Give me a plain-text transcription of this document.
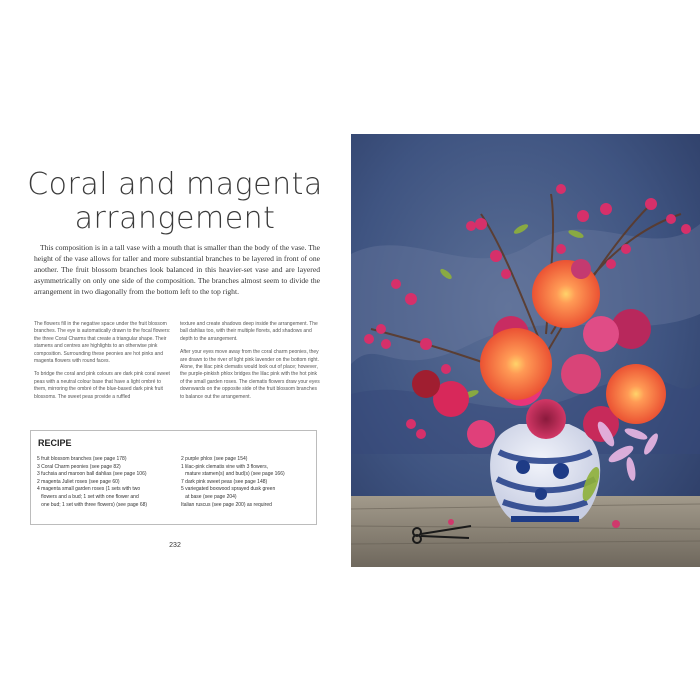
Coral and magenta
arrangement
This composition is in a tall vase with a mouth that is smaller than the body of the vase. The height of the vase allows for taller and more substantial branches to be layered in front of one another. The fruit blossom branches look balanced in this heavier-set vase and are layered asymmetrically on only one side of the composition. The branches almost seem to divide the arrangement in two diagonally from the bottom left to the top right.

The flowers fill in the negative space under the fruit blossom branches. The eye is automatically drawn to the focal flowers: the three Coral Charms that create a triangular shape. Their stamens and centres are highlights to an otherwise pink composition. Surrounding these peonies are hot pinks and magenta flowers with round faces.

To bridge the coral and pink colours are dark pink coral sweet peas with a neutral colour base that have a light ombré to them, mirroring the ombré of the blue-based dark pink fruit blossoms. The sweet peas provide a ruffled

texture and create shadows deep inside the arrangement. The ball dahlias too, with their multiple florets, add shadows and depth to the arrangement.

After your eyes move away from the coral charm peonies, they are drawn to the river of light pink lavender on the bottom right. Alone, the lilac pink clematis would look out of place; however, the purple-pinkish phlox bridges the lilac pink with the hot pink of the small garden roses. The clematis flowers draw your eyes downwards on the opposite side of the fruit blossom branches to balance out the arrangement.

RECIPE
5 fruit blossom branches (see page 178)
3 Coral Charm peonies (see page 82)
3 fuchsia and maroon ball dahlias (see page 106)
2 magenta Juliet roses (see page 60)
4 magenta small garden roses (1 sets with two
flowers and a bud; 1 set with one flower and
one bud; 1 set with three flowers) (see page 68)
2 purple phlox (see page 154)
1 lilac-pink clematis vine with 3 flowers,
mature stamen(s) and bud(s) (see page 166)
7 dark pink sweet peas (see page 148)
5 variegated boxwood sprayed dusk green
at base (see page 204)
Italian ruscus (see page 200) as required
232
